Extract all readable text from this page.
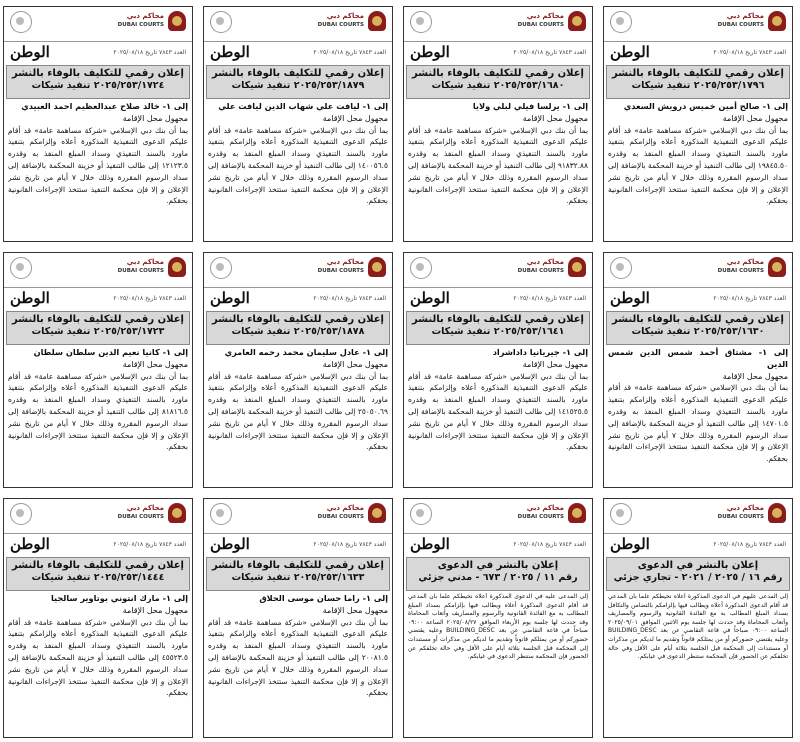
محاكم دبي
DUBAI COURTS
الوطن	العدد ٧٨٤٣ تاريخ ٢٠٢٥/٠٨/١٨
إعلان رقمي للتكليف بالوفاء بالنشر
٢٠٢٥/٢٥٣/١٧٩٦ تنفيذ شيكات

إلى ١- صالح أمين خميس درويش السعدي

مجهول محل الإقامة

بما أن بنك دبي الإسلامي «شركة مساهمة عامة» قد أقام عليكم الدعوى التنفيذية المذكورة أعلاه وإلزامكم بتنفيذ ماورد بالسند التنفيذي وسداد المبلغ المنفذ به وقدره ١٩٨٤٥.٥٠ إلى طالب التنفيذ أو خزينة المحكمة بالإضافة إلى سداد الرسوم المقررة وذلك خلال ٧ أيام من تاريخ نشر الإعلان و إلا فإن محكمة التنفيذ ستتخذ الإجراءات القانونية بحقكم.

محاكم دبي
DUBAI COURTS
الوطن	العدد ٧٨٤٣ تاريخ ٢٠٢٥/٠٨/١٨
إعلان رقمي للتكليف بالوفاء بالنشر
٢٠٢٥/٢٥٣/١٦٨٠ تنفيذ شيكات

إلى ١- يرلسا فيلي لبلي ولايا

مجهول محل الإقامة

بما أن بنك دبي الإسلامي «شركة مساهمة عامة» قد أقام عليكم الدعوى التنفيذية المذكورة أعلاه وإلزامكم بتنفيذ ماورد بالسند التنفيذي وسداد المبلغ المنفذ به وقدره ٩١٨٣٢.٨٨ إلى طالب التنفيذ أو خزينة المحكمة بالإضافة إلى سداد الرسوم المقررة وذلك خلال ٧ أيام من تاريخ نشر الإعلان و إلا فإن محكمة التنفيذ ستتخذ الإجراءات القانونية بحقكم.

محاكم دبي
DUBAI COURTS
الوطن	العدد ٧٨٤٣ تاريخ ٢٠٢٥/٠٨/١٨
إعلان رقمي للتكليف بالوفاء بالنشر
٢٠٢٥/٢٥٣/١٨٧٩ تنفيذ شيكات

إلى ١- ليافت علي شهاب الدين ليافت علي

مجهول محل الإقامة

بما أن بنك دبي الإسلامي «شركة مساهمة عامة» قد أقام عليكم الدعوى التنفيذية المذكورة أعلاه وإلزامكم بتنفيذ ماورد بالسند التنفيذي وسداد المبلغ المنفذ به وقدره ١٤٠٠٥٦.٥ إلى طالب التنفيذ أو خزينة المحكمة بالإضافة إلى سداد الرسوم المقررة وذلك خلال ٧ أيام من تاريخ نشر الإعلان و إلا فإن محكمة التنفيذ ستتخذ الإجراءات القانونية بحقكم.

محاكم دبي
DUBAI COURTS
الوطن	العدد ٧٨٤٣ تاريخ ٢٠٢٥/٠٨/١٨
إعلان رقمي للتكليف بالوفاء بالنشر
٢٠٢٥/٢٥٣/١٧٢٤ تنفيذ شيكات

إلى ١- خالد صلاح عبدالعظيم احمد العبيدي

مجهول محل الإقامة

بما أن بنك دبي الإسلامي «شركة مساهمة عامة» قد أقام عليكم الدعوى التنفيذية المذكورة أعلاه وإلزامكم بتنفيذ ماورد بالسند التنفيذي وسداد المبلغ المنفذ به وقدره ١٢١٢٣.٥ إلى طالب التنفيذ أو خزينة المحكمة بالإضافة إلى سداد الرسوم المقررة وذلك خلال ٧ أيام من تاريخ نشر الإعلان و إلا فإن محكمة التنفيذ ستتخذ الإجراءات القانونية بحقكم.

محاكم دبي
DUBAI COURTS
الوطن	العدد ٧٨٤٣ تاريخ ٢٠٢٥/٠٨/١٨
إعلان رقمي للتكليف بالوفاء بالنشر
٢٠٢٥/٢٥٣/١٦٣٠ تنفيذ شيكات

إلى ١- مشتاق أحمد شمس الدين شمس الدين

مجهول محل الإقامة

بما أن بنك دبي الإسلامي «شركة مساهمة عامة» قد أقام عليكم الدعوى التنفيذية المذكورة أعلاه وإلزامكم بتنفيذ ماورد بالسند التنفيذي وسداد المبلغ المنفذ به وقدره ١٤٧٠١.٥ إلى طالب التنفيذ أو خزينة المحكمة بالإضافة إلى سداد الرسوم المقررة وذلك خلال ٧ أيام من تاريخ نشر الإعلان و إلا فإن محكمة التنفيذ ستتخذ الإجراءات القانونية بحقكم.

محاكم دبي
DUBAI COURTS
الوطن	العدد ٧٨٤٣ تاريخ ٢٠٢٥/٠٨/١٨
إعلان رقمي للتكليف بالوفاء بالنشر
٢٠٢٥/٢٥٣/١٦٤١ تنفيذ شيكات

إلى ١- جيريانيا داداشراد

مجهول محل الإقامة

بما أن بنك دبي الإسلامي «شركة مساهمة عامة» قد أقام عليكم الدعوى التنفيذية المذكورة أعلاه وإلزامكم بتنفيذ ماورد بالسند التنفيذي وسداد المبلغ المنفذ به وقدره ١٤١٥٢٥.٥ إلى طالب التنفيذ أو خزينة المحكمة بالإضافة إلى سداد الرسوم المقررة وذلك خلال ٧ أيام من تاريخ نشر الإعلان و إلا فإن محكمة التنفيذ ستتخذ الإجراءات القانونية بحقكم.

محاكم دبي
DUBAI COURTS
الوطن	العدد ٧٨٤٣ تاريخ ٢٠٢٥/٠٨/١٨
إعلان رقمي للتكليف بالوفاء بالنشر
٢٠٢٥/٢٥٣/١٨٧٨ تنفيذ شيكات

إلى ١- عادل سليمان محمد رحمه العامري

مجهول محل الإقامة

بما أن بنك دبي الإسلامي «شركة مساهمة عامة» قد أقام عليكم الدعوى التنفيذية المذكورة أعلاه وإلزامكم بتنفيذ ماورد بالسند التنفيذي وسداد المبلغ المنفذ به وقدره ٢٥٠٥٠.٦٩ إلى طالب التنفيذ أو خزينة المحكمة بالإضافة إلى سداد الرسوم المقررة وذلك خلال ٧ أيام من تاريخ نشر الإعلان و إلا فإن محكمة التنفيذ ستتخذ الإجراءات القانونية بحقكم.

محاكم دبي
DUBAI COURTS
الوطن	العدد ٧٨٤٣ تاريخ ٢٠٢٥/٠٨/١٨
إعلان رقمي للتكليف بالوفاء بالنشر
٢٠٢٥/٢٥٣/١٧٢٣ تنفيذ شيكات

إلى ١- كانيا نعيم الدين سلطان سلطان

مجهول محل الإقامة

بما أن بنك دبي الإسلامي «شركة مساهمة عامة» قد أقام عليكم الدعوى التنفيذية المذكورة أعلاه وإلزامكم بتنفيذ ماورد بالسند التنفيذي وسداد المبلغ المنفذ به وقدره ٨١٨١٦.٥ إلى طالب التنفيذ أو خزينة المحكمة بالإضافة إلى سداد الرسوم المقررة وذلك خلال ٧ أيام من تاريخ نشر الإعلان و إلا فإن محكمة التنفيذ ستتخذ الإجراءات القانونية بحقكم.

محاكم دبي
DUBAI COURTS
الوطن	العدد ٧٨٤٣ تاريخ ٢٠٢٥/٠٨/١٨
إعلان بالنشر في الدعوى
رقم ١٦ / ٢٠٢٥ / ٢٠٢١ - تجاري جزئي

إلى المدعى عليهم في الدعوى المذكورة أعلاه نحيطكم علماً بأن المدعي قد أقام الدعوى المذكورة أعلاه ويطالب فيها بإلزامكم بالتضامن والتكافل بسداد المبلغ المطالب به مع الفائدة القانونية والرسوم والمصاريف وأتعاب المحاماة وقد حددت لها جلسة يوم الاثنين الموافق ٢٠٢٥/٠٩/٠١ الساعة ٠٩:٠٠ صباحاً في قاعة التقاضي عن بعد BUILDING_DESC وعليه يقتضي حضوركم أو من يمثلكم قانوناً وتقديم ما لديكم من مذكرات أو مستندات إلى المحكمة قبل الجلسة بثلاثة أيام على الأقل وفي حالة تخلفكم عن الحضور فإن المحكمة ستنظر الدعوى في غيابكم.

محاكم دبي
DUBAI COURTS
الوطن	العدد ٧٨٤٣ تاريخ ٢٠٢٥/٠٨/١٨
إعلان بالنشر في الدعوى
رقم ١١ / ٢٠٢٥ / ٦٧٣ - مدني جزئي

إلى المدعى عليه في الدعوى المذكورة أعلاه نحيطكم علماً بأن المدعي قد أقام الدعوى المذكورة أعلاه ويطالب فيها بإلزامكم بسداد المبلغ المطالب به مع الفائدة القانونية والرسوم والمصاريف وأتعاب المحاماة وقد حددت لها جلسة يوم الأربعاء الموافق ٢٠٢٥/٠٨/٢٧ الساعة ٠٩:٠٠ صباحاً في قاعة التقاضي عن بعد BUILDING_DESC وعليه يقتضي حضوركم أو من يمثلكم قانوناً وتقديم ما لديكم من مذكرات أو مستندات إلى المحكمة قبل الجلسة بثلاثة أيام على الأقل وفي حالة تخلفكم عن الحضور فإن المحكمة ستنظر الدعوى في غيابكم.

محاكم دبي
DUBAI COURTS
الوطن	العدد ٧٨٤٣ تاريخ ٢٠٢٥/٠٨/١٨
إعلان رقمي للتكليف بالوفاء بالنشر
٢٠٢٥/٢٥٣/١٦٣٣ تنفيذ شيكات

إلى ١- راما حسان موسى الحلاق

مجهول محل الإقامة

بما أن بنك دبي الإسلامي «شركة مساهمة عامة» قد أقام عليكم الدعوى التنفيذية المذكورة أعلاه وإلزامكم بتنفيذ ماورد بالسند التنفيذي وسداد المبلغ المنفذ به وقدره ٢٠٠٨١.٥ إلى طالب التنفيذ أو خزينة المحكمة بالإضافة إلى سداد الرسوم المقررة وذلك خلال ٧ أيام من تاريخ نشر الإعلان و إلا فإن محكمة التنفيذ ستتخذ الإجراءات القانونية بحقكم.

محاكم دبي
DUBAI COURTS
الوطن	العدد ٧٨٤٣ تاريخ ٢٠٢٥/٠٨/١٨
إعلان رقمي للتكليف بالوفاء بالنشر
٢٠٢٥/٢٥٣/١٤٤٤ تنفيذ شيكات

إلى ١- مارك انتوني بوتاوير سالجيا

مجهول محل الإقامة

بما أن بنك دبي الإسلامي «شركة مساهمة عامة» قد أقام عليكم الدعوى التنفيذية المذكورة أعلاه وإلزامكم بتنفيذ ماورد بالسند التنفيذي وسداد المبلغ المنفذ به وقدره ٤٥٥٢٣.٥ إلى طالب التنفيذ أو خزينة المحكمة بالإضافة إلى سداد الرسوم المقررة وذلك خلال ٧ أيام من تاريخ نشر الإعلان و إلا فإن محكمة التنفيذ ستتخذ الإجراءات القانونية بحقكم.
